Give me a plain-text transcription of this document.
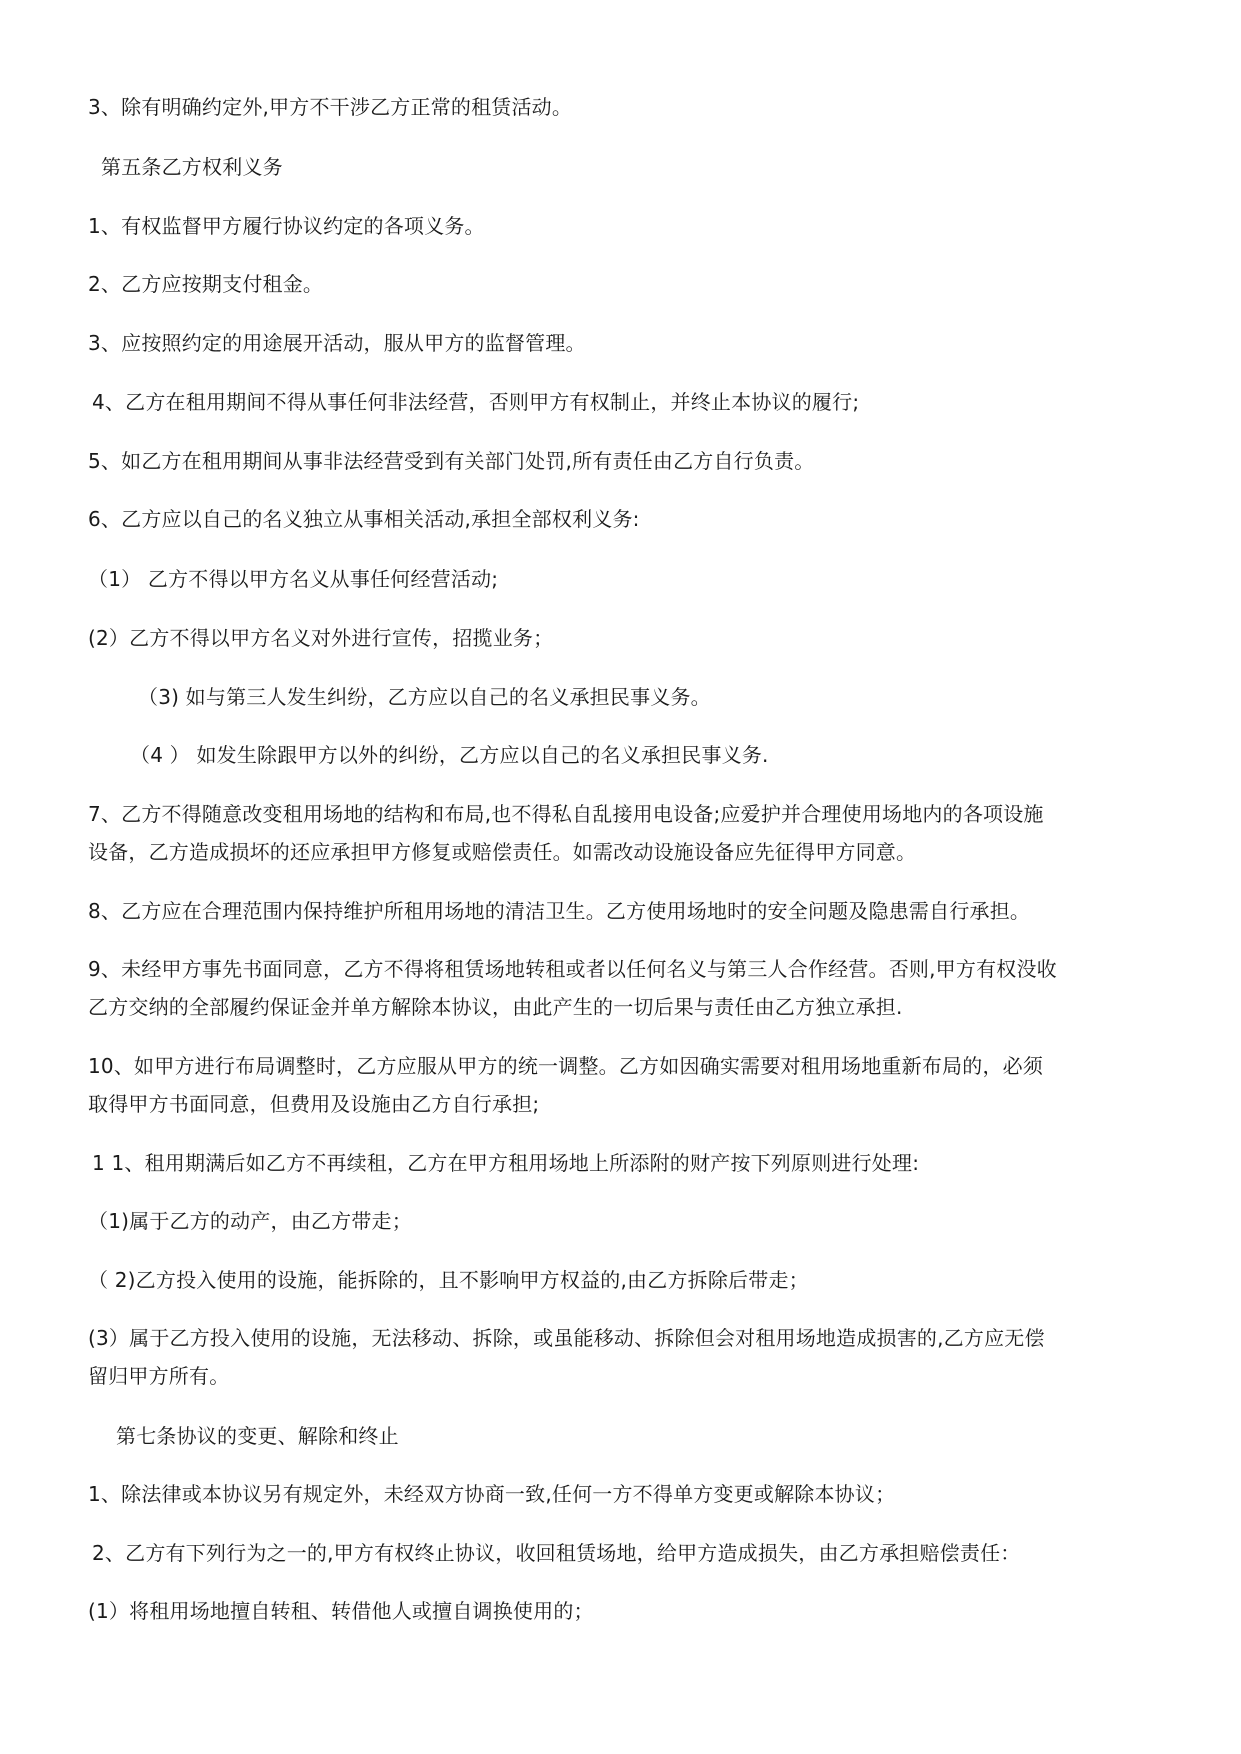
3、除有明确约定外,甲方不干涉乙方正常的租赁活动。
第五条乙方权利义务
1、有权监督甲方履行协议约定的各项义务。
2、乙方应按期支付租金。
3、应按照约定的用途展开活动，服从甲方的监督管理。
4、乙方在租用期间不得从事任何非法经营，否则甲方有权制止，并终止本协议的履行;
5、如乙方在租用期间从事非法经营受到有关部门处罚,所有责任由乙方自行负责。
6、乙方应以自己的名义独立从事相关活动,承担全部权利义务:
（1） 乙方不得以甲方名义从事任何经营活动;
(2）乙方不得以甲方名义对外进行宣传，招揽业务；
（3) 如与第三人发生纠纷，乙方应以自己的名义承担民事义务。
（4 ） 如发生除跟甲方以外的纠纷，乙方应以自己的名义承担民事义务.
7、乙方不得随意改变租用场地的结构和布局,也不得私自乱接用电设备;应爱护并合理使用场地内的各项设施
设备，乙方造成损坏的还应承担甲方修复或赔偿责任。如需改动设施设备应先征得甲方同意。
8、乙方应在合理范围内保持维护所租用场地的清洁卫生。乙方使用场地时的安全问题及隐患需自行承担。
9、未经甲方事先书面同意，乙方不得将租赁场地转租或者以任何名义与第三人合作经营。否则,甲方有权没收
乙方交纳的全部履约保证金并单方解除本协议，由此产生的一切后果与责任由乙方独立承担.
10、如甲方进行布局调整时，乙方应服从甲方的统一调整。乙方如因确实需要对租用场地重新布局的，必须
取得甲方书面同意，但费用及设施由乙方自行承担;
1 1、租用期满后如乙方不再续租，乙方在甲方租用场地上所添附的财产按下列原则进行处理:
（1)属于乙方的动产，由乙方带走；
（ 2)乙方投入使用的设施，能拆除的，且不影响甲方权益的,由乙方拆除后带走；
(3）属于乙方投入使用的设施，无法移动、拆除，或虽能移动、拆除但会对租用场地造成损害的,乙方应无偿
留归甲方所有。
第七条协议的变更、解除和终止
1、除法律或本协议另有规定外，未经双方协商一致,任何一方不得单方变更或解除本协议；
2、乙方有下列行为之一的,甲方有权终止协议，收回租赁场地，给甲方造成损失，由乙方承担赔偿责任：
(1）将租用场地擅自转租、转借他人或擅自调换使用的；
